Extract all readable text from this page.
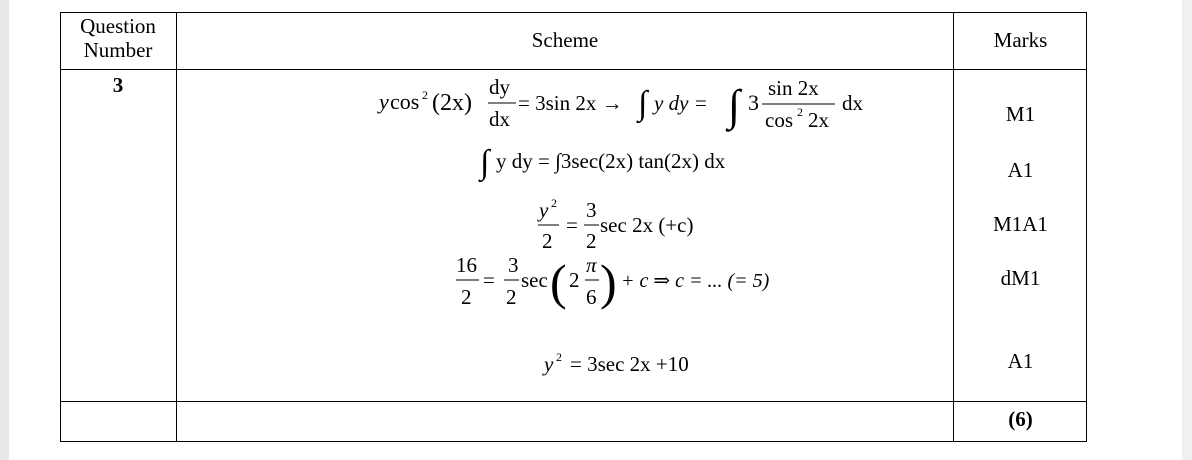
Question
Number	Scheme	Marks
3
M1
A1
M1A1
dM1
A1
(6)
y cos 2 (2x)
dy
dx
= 3sin 2x → ∫ y dy = ∫ 3
sin 2x
cos 2 2x
dx
∫ y dy = ∫3sec(2x) tan(2x) dx
y 2
2
=
3
2
sec 2x (+c)
16
2
=
3
2
sec ( 2
π
6 ) + c ⇒ c = ... (= 5)
y 2 = 3sec 2x +10
